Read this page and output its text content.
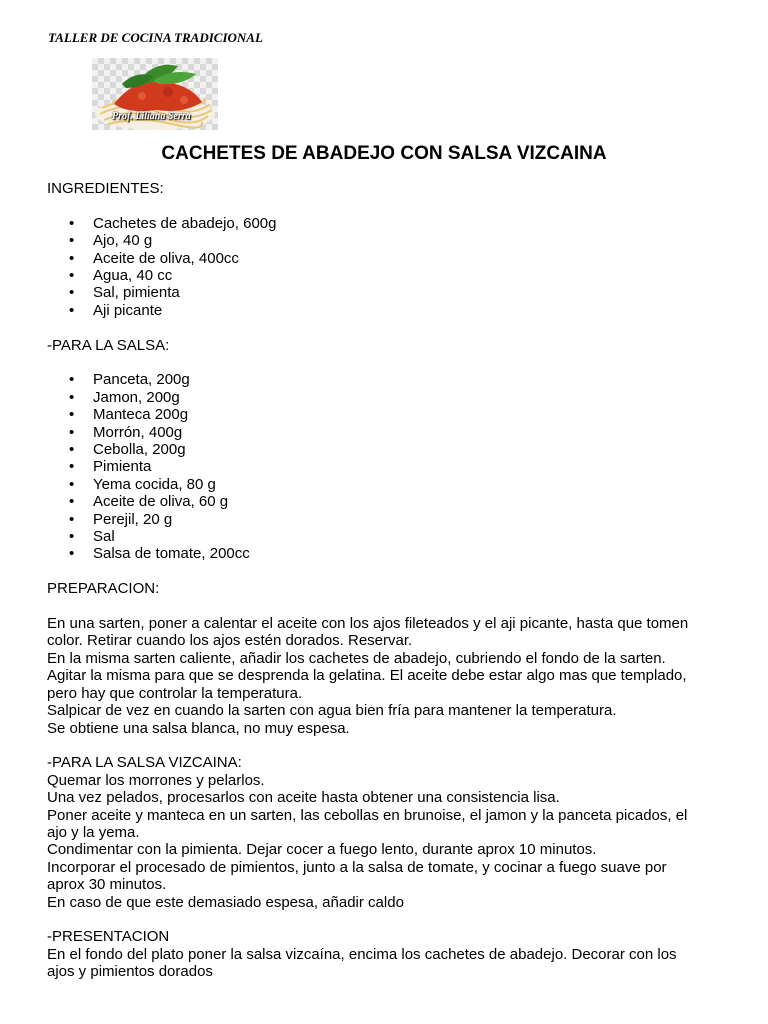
TALLER DE COCINA TRADICIONAL
Prof. Liliana Serra
CACHETES DE ABADEJO CON SALSA VIZCAINA

INGREDIENTES:

• Cachetes de abadejo, 600g
• Ajo, 40 g
• Aceite de oliva, 400cc
• Agua, 40 cc
• Sal, pimienta
• Aji picante

-PARA LA SALSA:

• Panceta, 200g
• Jamon, 200g
• Manteca 200g
• Morrón, 400g
• Cebolla, 200g
• Pimienta
• Yema cocida, 80 g
• Aceite de oliva, 60 g
• Perejil, 20 g
• Sal
• Salsa de tomate, 200cc

PREPARACION:

En una sarten, poner a calentar el aceite con los ajos fileteados y el aji picante, hasta que tomen

color. Retirar cuando los ajos estén dorados. Reservar.

En la misma sarten caliente, añadir los cachetes de abadejo, cubriendo el fondo de la sarten.

Agitar la misma para que se desprenda la gelatina. El aceite debe estar algo mas que templado,

pero hay que controlar la temperatura.

Salpicar de vez en cuando la sarten con agua bien fría para mantener la temperatura.

Se obtiene una salsa blanca, no muy espesa.

-PARA LA SALSA VIZCAINA:

Quemar los morrones y pelarlos.

Una vez pelados, procesarlos con aceite hasta obtener una consistencia lisa.

Poner aceite y manteca en un sarten, las cebollas en brunoise, el jamon y la panceta picados, el

ajo y la yema.

Condimentar con la pimienta. Dejar cocer a fuego lento, durante aprox 10 minutos.

Incorporar el procesado de pimientos, junto a la salsa de tomate, y cocinar a fuego suave por

aprox 30 minutos.

En caso de que este demasiado espesa, añadir caldo

-PRESENTACION

En el fondo del plato poner la salsa vizcaína, encima los cachetes de abadejo. Decorar con los

ajos y pimientos dorados
